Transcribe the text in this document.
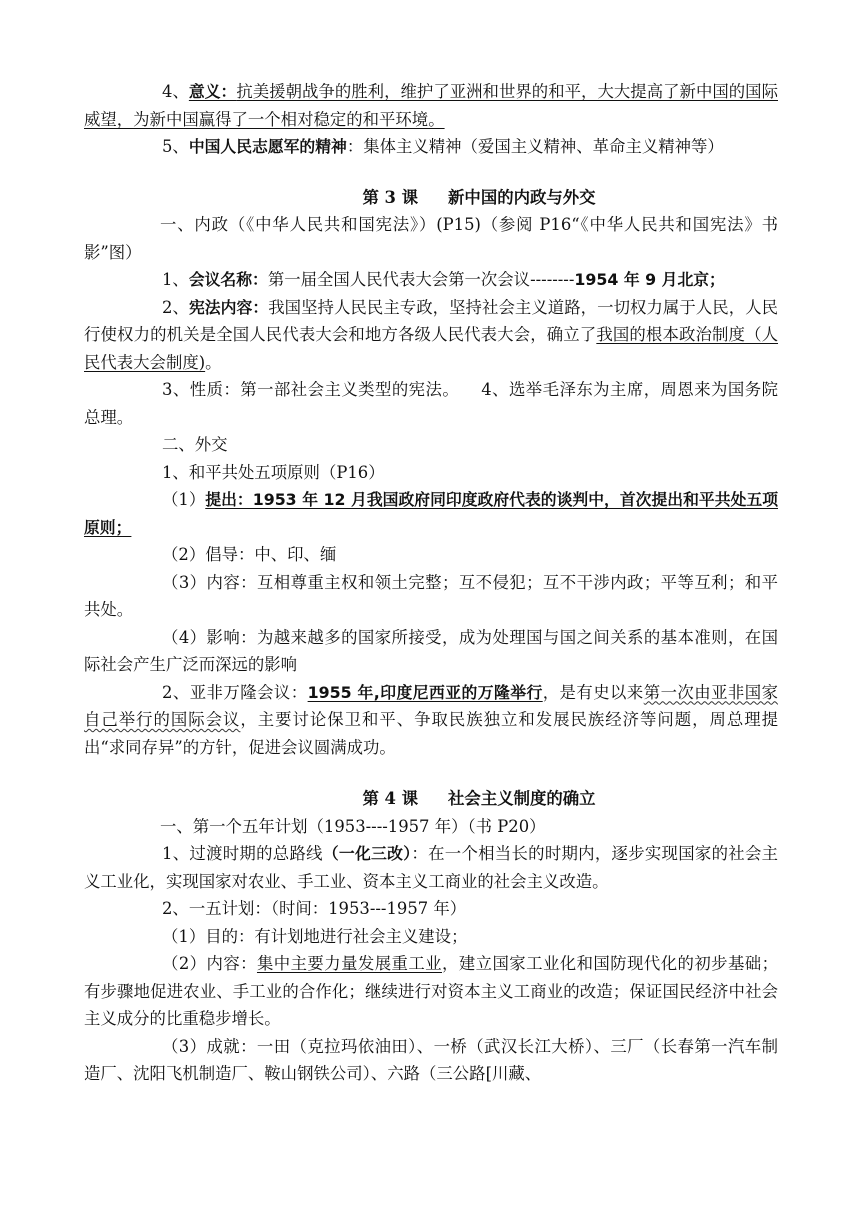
4、意义：抗美援朝战争的胜利，维护了亚洲和世界的和平，大大提高了新中国的国际威望，为新中国赢得了一个相对稳定的和平环境。

5、中国人民志愿军的精神：集体主义精神（爱国主义精神、革命主义精神等）

第 3 课 新中国的内政与外交

一、内政（《中华人民共和国宪法》）(P15)（参阅 P16“《中华人民共和国宪法》书影”图）

1、会议名称：第一届全国人民代表大会第一次会议--------1954 年 9 月北京；

2、宪法内容：我国坚持人民民主专政，坚持社会主义道路，一切权力属于人民，人民行使权力的机关是全国人民代表大会和地方各级人民代表大会，确立了我国的根本政治制度（人民代表大会制度)。

3、性质：第一部社会主义类型的宪法。 4、选举毛泽东为主席，周恩来为国务院总理。

二、外交

1、和平共处五项原则（P16）

（1）提出：1953 年 12 月我国政府同印度政府代表的谈判中，首次提出和平共处五项原则；

（2）倡导：中、印、缅

（3）内容：互相尊重主权和领土完整；互不侵犯；互不干涉内政；平等互利；和平共处。

（4）影响：为越来越多的国家所接受，成为处理国与国之间关系的基本准则，在国际社会产生广泛而深远的影响

2、亚非万隆会议：1955 年,印度尼西亚的万隆举行，是有史以来第一次由亚非国家自己举行的国际会议，主要讨论保卫和平、争取民族独立和发展民族经济等问题，周总理提出“求同存异”的方针，促进会议圆满成功。

第 4 课 社会主义制度的确立

一、第一个五年计划（1953----1957 年）（书 P20）

1、过渡时期的总路线（一化三改）：在一个相当长的时期内，逐步实现国家的社会主义工业化，实现国家对农业、手工业、资本主义工商业的社会主义改造。

2、一五计划：（时间：1953---1957 年）

（1）目的：有计划地进行社会主义建设；

（2）内容：集中主要力量发展重工业，建立国家工业化和国防现代化的初步基础；有步骤地促进农业、手工业的合作化；继续进行对资本主义工商业的改造；保证国民经济中社会主义成分的比重稳步增长。

（3）成就：一田（克拉玛依油田）、一桥（武汉长江大桥）、三厂（长春第一汽车制造厂、沈阳飞机制造厂、鞍山钢铁公司）、六路（三公路[川藏、
